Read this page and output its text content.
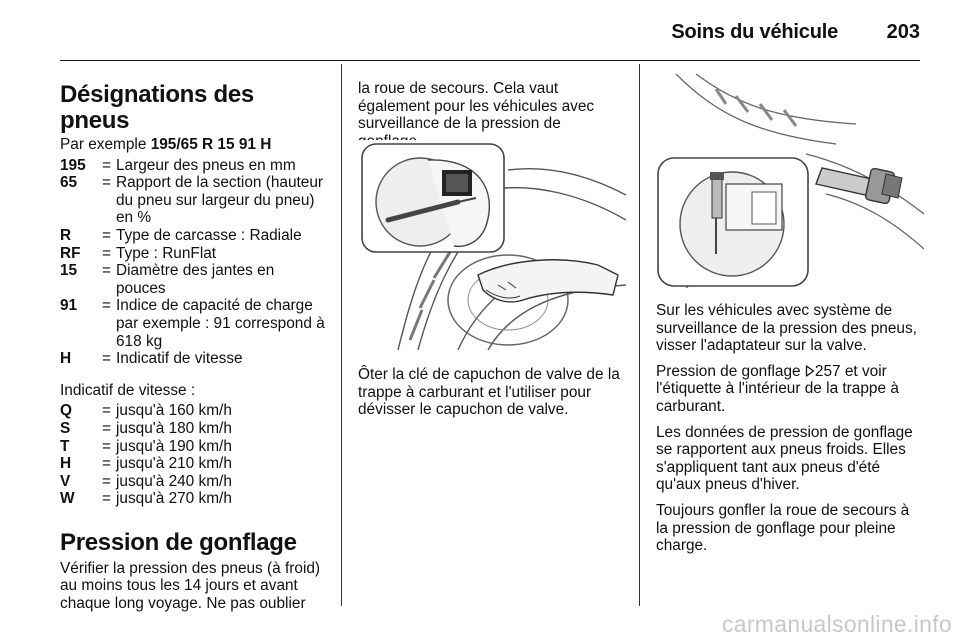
Soins du véhicule 203
Désignations des pneus
Par exemple 195/65 R 15 91 H
195	= Largeur des pneus en mm
65	= Rapport de la section (hauteur du pneu sur largeur du pneu) en %
R	= Type de carcasse : Radiale
RF	= Type : RunFlat
15	= Diamètre des jantes en pouces
91	= Indice de capacité de charge par exemple : 91 correspond à 618 kg
H	= Indicatif de vitesse

Indicatif de vitesse :

Q	= jusqu'à 160 km/h
S	= jusqu'à 180 km/h
T	= jusqu'à 190 km/h
H	= jusqu'à 210 km/h
V	= jusqu'à 240 km/h
W	= jusqu'à 270 km/h
Pression de gonflage

Vérifier la pression des pneus (à froid) au moins tous les 14 jours et avant chaque long voyage. Ne pas oublier

la roue de secours. Cela vaut également pour les véhicules avec surveillance de la pression de

Ôter la clé de capuchon de valve de la trappe à carburant et l'utiliser pour dévisser le capuchon de valve.

Sur les véhicules avec système de surveillance de la pression des pneus, visser l'adaptateur sur la valve.

Pression de gonflage 257 et voir l'étiquette à l'intérieur de la trappe à carburant.

Les données de pression de gonflage se rapportent aux pneus froids. Elles s'appliquent tant aux pneus d'été qu'aux pneus d'hiver.

Toujours gonfler la roue de secours à la pression de gonflage pour pleine charge.

carmanualsonline.info
